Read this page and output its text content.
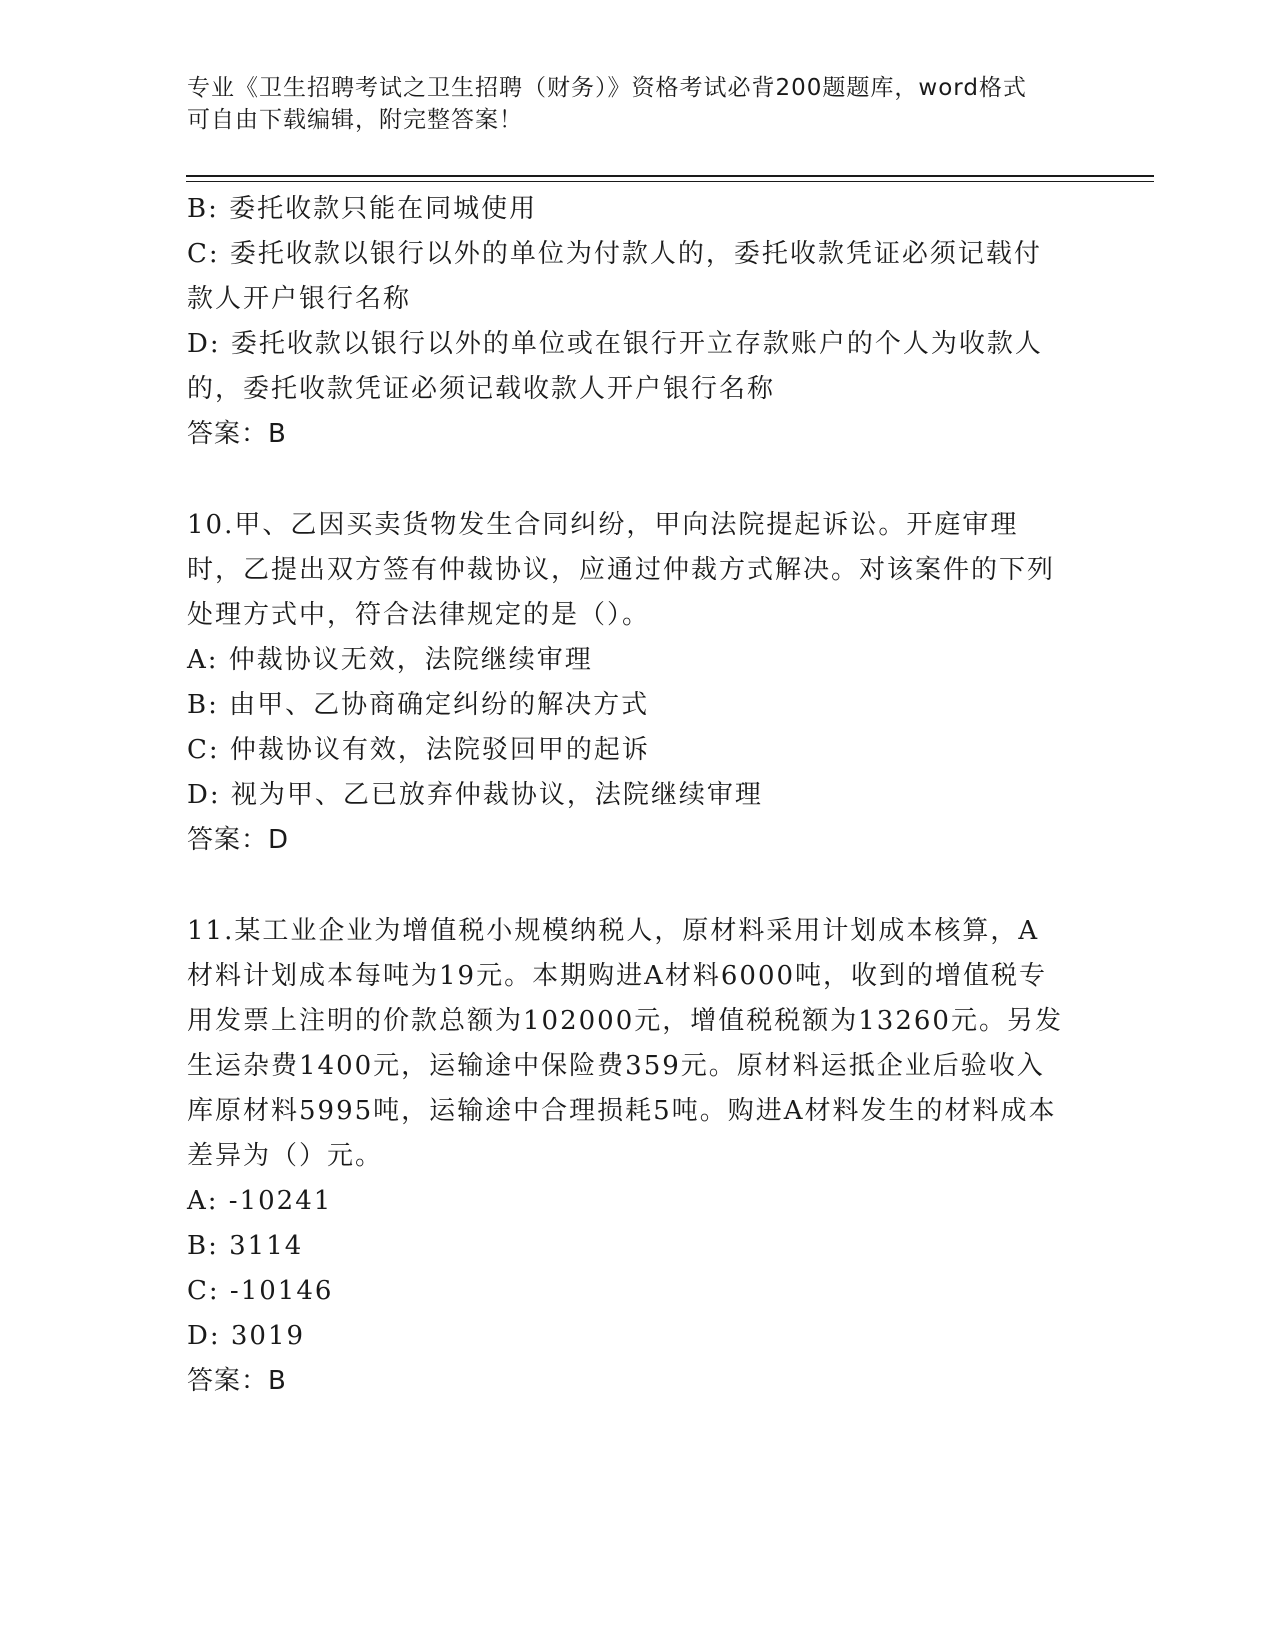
专业《卫生招聘考试之卫生招聘（财务）》资格考试必背200题题库，word格式
可自由下载编辑，附完整答案！
B: 委托收款只能在同城使用
C: 委托收款以银行以外的单位为付款人的，委托收款凭证必须记载付款人开户银行名称
D: 委托收款以银行以外的单位或在银行开立存款账户的个人为收款人的，委托收款凭证必须记载收款人开户银行名称
答案：B
10.甲、乙因买卖货物发生合同纠纷，甲向法院提起诉讼。开庭审理时，乙提出双方签有仲裁协议，应通过仲裁方式解决。对该案件的下列处理方式中，符合法律规定的是（）。
A: 仲裁协议无效，法院继续审理
B: 由甲、乙协商确定纠纷的解决方式
C: 仲裁协议有效，法院驳回甲的起诉
D: 视为甲、乙已放弃仲裁协议，法院继续审理
答案：D
11.某工业企业为增值税小规模纳税人，原材料采用计划成本核算，A材料计划成本每吨为19元。本期购进A材料6000吨，收到的增值税专用发票上注明的价款总额为102000元，增值税税额为13260元。另发生运杂费1400元，运输途中保险费359元。原材料运抵企业后验收入库原材料5995吨，运输途中合理损耗5吨。购进A材料发生的材料成本差异为（）元。
A: -10241
B: 3114
C: -10146
D: 3019
答案：B
